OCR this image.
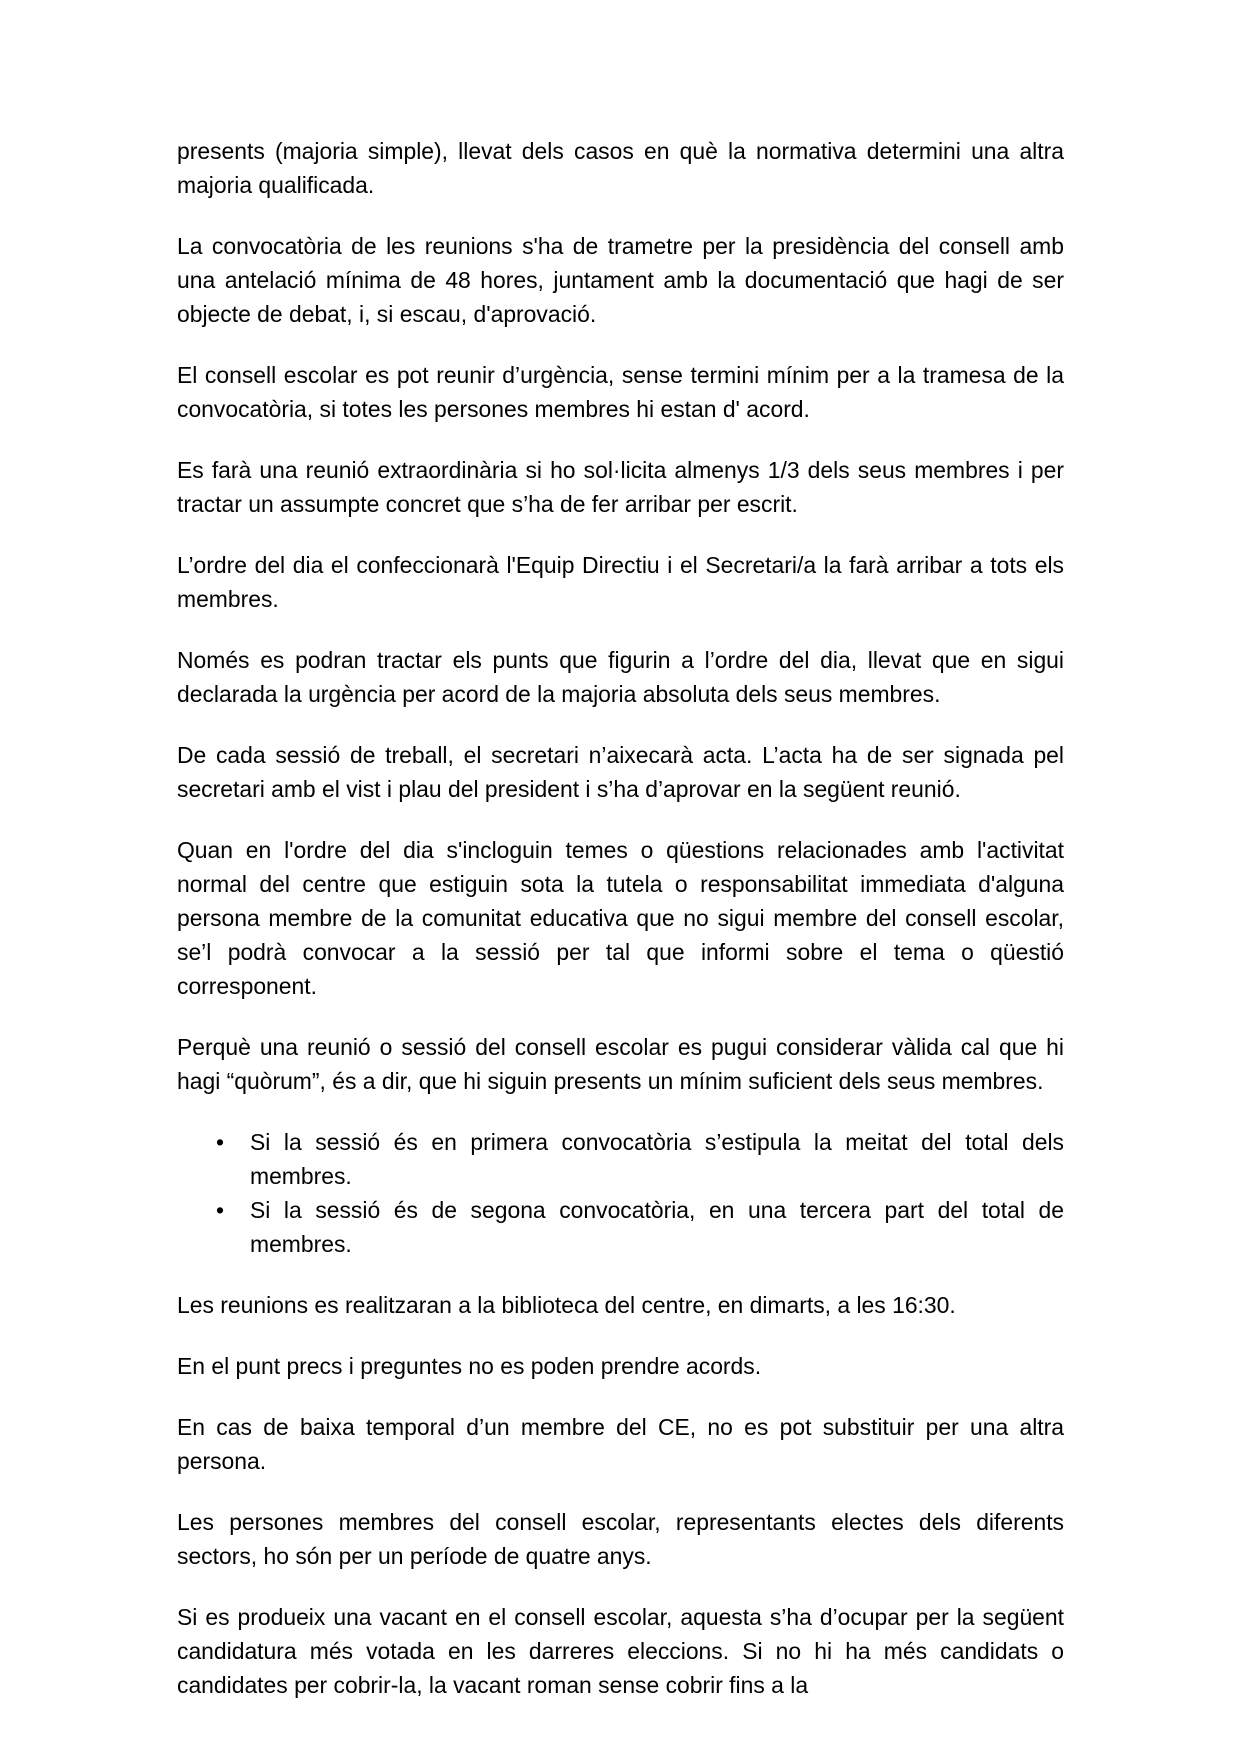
presents (majoria simple), llevat dels casos en què la normativa determini una altra majoria qualificada.

La convocatòria de les reunions s'ha de trametre per la presidència del consell amb una antelació mínima de 48 hores, juntament amb la documentació que hagi de ser objecte de debat, i, si escau, d'aprovació.

El consell escolar es pot reunir d’urgència, sense termini mínim per a la tramesa de la convocatòria, si totes les persones membres hi estan d' acord.

Es farà una reunió extraordinària si ho sol·licita almenys 1/3 dels seus membres i per tractar un assumpte concret que s’ha de fer arribar per escrit.

L’ordre del dia el confeccionarà l'Equip Directiu i el Secretari/a la farà arribar a tots els membres.

Només es podran tractar els punts que figurin a l’ordre del dia, llevat que en sigui declarada la urgència per acord de la majoria absoluta dels seus membres.

De cada sessió de treball, el secretari n’aixecarà acta. L’acta ha de ser signada pel secretari amb el vist i plau del president i s’ha d’aprovar en la següent reunió.

Quan en l'ordre del dia s'incloguin temes o qüestions relacionades amb l'activitat normal del centre que estiguin sota la tutela o responsabilitat immediata d'alguna persona membre de la comunitat educativa que no sigui membre del consell escolar, se’l podrà convocar a la sessió per tal que informi sobre el tema o qüestió corresponent.

Perquè una reunió o sessió del consell escolar es pugui considerar vàlida cal que hi hagi “quòrum”, és a dir, que hi siguin presents un mínim suficient dels seus membres.

• Si la sessió és en primera convocatòria s’estipula la meitat del total dels membres.
• Si la sessió és de segona convocatòria, en una tercera part del total de membres.

Les reunions es realitzaran a la biblioteca del centre, en dimarts, a les 16:30.

En el punt precs i preguntes no es poden prendre acords.

En cas de baixa temporal d’un membre del CE, no es pot substituir per una altra persona.

Les persones membres del consell escolar, representants electes dels diferents sectors, ho són per un període de quatre anys.

Si es produeix una vacant en el consell escolar, aquesta s’ha d’ocupar per la següent candidatura més votada en les darreres eleccions. Si no hi ha més candidats o candidates per cobrir-la, la vacant roman sense cobrir fins a la
